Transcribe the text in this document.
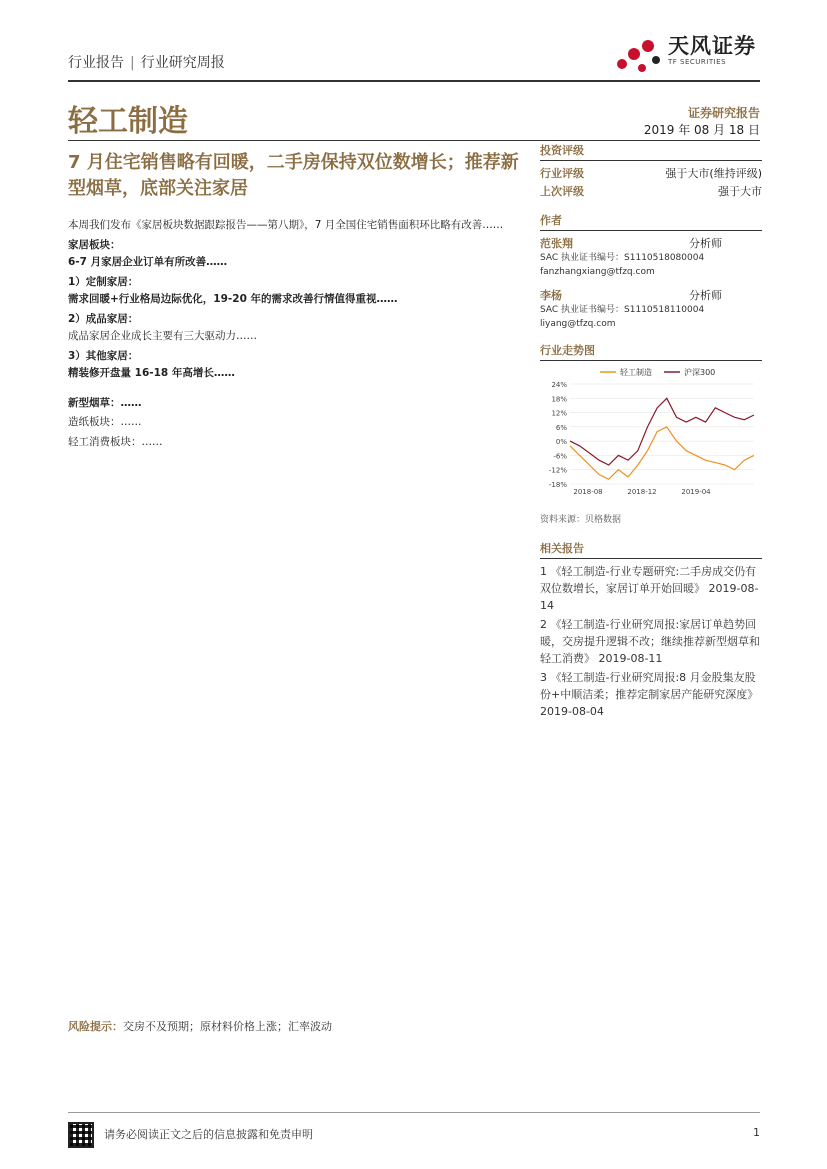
行业报告 | 行业研究周报
天风证券
TF SECURITIES
轻工制造	证券研究报告
2019 年 08 月 18 日
7 月住宅销售略有回暖，二手房保持双位数增长；推荐新型烟草，底部关注家居
投资评级
行业评级	强于大市(维持评级)
上次评级	强于大市
作者
范张翔	分析师
SAC 执业证书编号：S1110518080004
fanzhangxiang@tfzq.com
李杨	分析师
SAC 执业证书编号：S1110518110004
liyang@tfzq.com
行业走势图
24%
18%
12%
6%
0%
-6%
-12%
-18%
2018-08	2018-12	2019-04
轻工制造	沪深300
资料来源：贝格数据
相关报告
1 《轻工制造-行业专题研究:二手房成交仍有双位数增长，家居订单开始回暖》 2019-08-14
2 《轻工制造-行业研究周报:家居订单趋势回暖，交房提升逻辑不改；继续推荐新型烟草和轻工消费》 2019-08-11
3 《轻工制造-行业研究周报:8 月金股集友股份+中顺洁柔；推荐定制家居产能研究深度》 2019-08-04

本周我们发布《家居板块数据跟踪报告——第八期》，7 月全国住宅销售面积环比略有改善……

家居板块：

6-7 月家居企业订单有所改善……

1）定制家居：

需求回暖+行业格局边际优化，19-20 年的需求改善行情值得重视……

2）成品家居：

成品家居企业成长主要有三大驱动力……

3）其他家居：

精装修开盘量 16-18 年高增长……

新型烟草：……

造纸板块：……

轻工消费板块：……

风险提示：交房不及预期；原材料价格上涨；汇率波动
请务必阅读正文之后的信息披露和免责申明	1
